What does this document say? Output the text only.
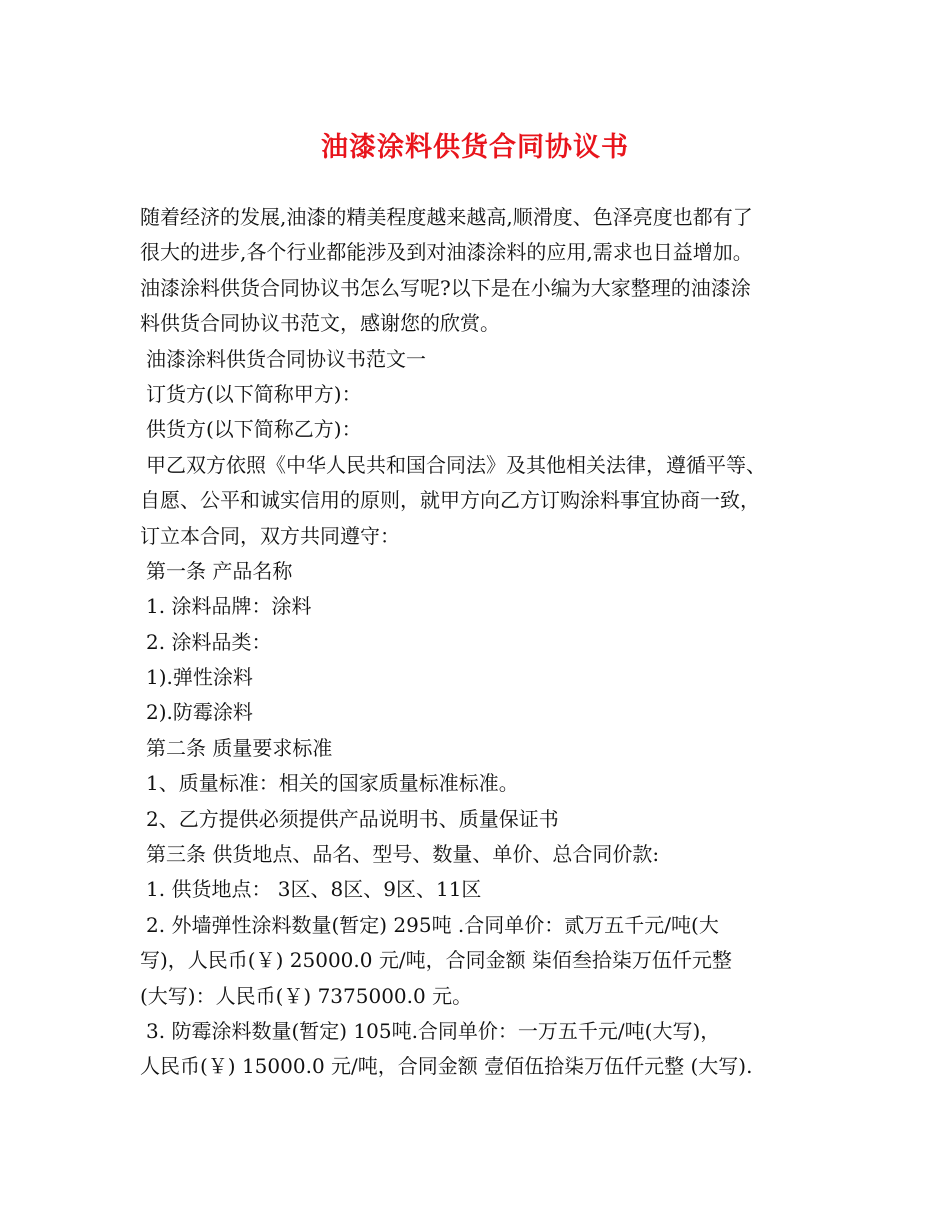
油漆涂料供货合同协议书
随着经济的发展,油漆的精美程度越来越高,顺滑度、色泽亮度也都有了
很大的进步,各个行业都能涉及到对油漆涂料的应用,需求也日益增加。
油漆涂料供货合同协议书怎么写呢?以下是在小编为大家整理的油漆涂
料供货合同协议书范文，感谢您的欣赏。
油漆涂料供货合同协议书范文一
订货方(以下简称甲方)：
供货方(以下简称乙方)：
甲乙双方依照《中华人民共和国合同法》及其他相关法律，遵循平等、
自愿、公平和诚实信用的原则，就甲方向乙方订购涂料事宜协商一致，
订立本合同，双方共同遵守：
第一条 产品名称
1. 涂料品牌：涂料
2. 涂料品类：
1).弹性涂料
2).防霉涂料
第二条 质量要求标准
1、质量标准：相关的国家质量标准标准。
2、乙方提供必须提供产品说明书、质量保证书
第三条 供货地点、品名、型号、数量、单价、总合同价款:
1. 供货地点： 3区、8区、9区、11区
2. 外墙弹性涂料数量(暂定) 295吨 .合同单价：贰万五千元/吨(大
写)，人民币(￥) 25000.0 元/吨，合同金额 柒佰叁拾柒万伍仟元整
(大写)：人民币(￥) 7375000.0 元。
3. 防霉涂料数量(暂定) 105吨.合同单价：一万五千元/吨(大写)，
人民币(￥) 15000.0 元/吨，合同金额 壹佰伍拾柒万伍仟元整 (大写).
